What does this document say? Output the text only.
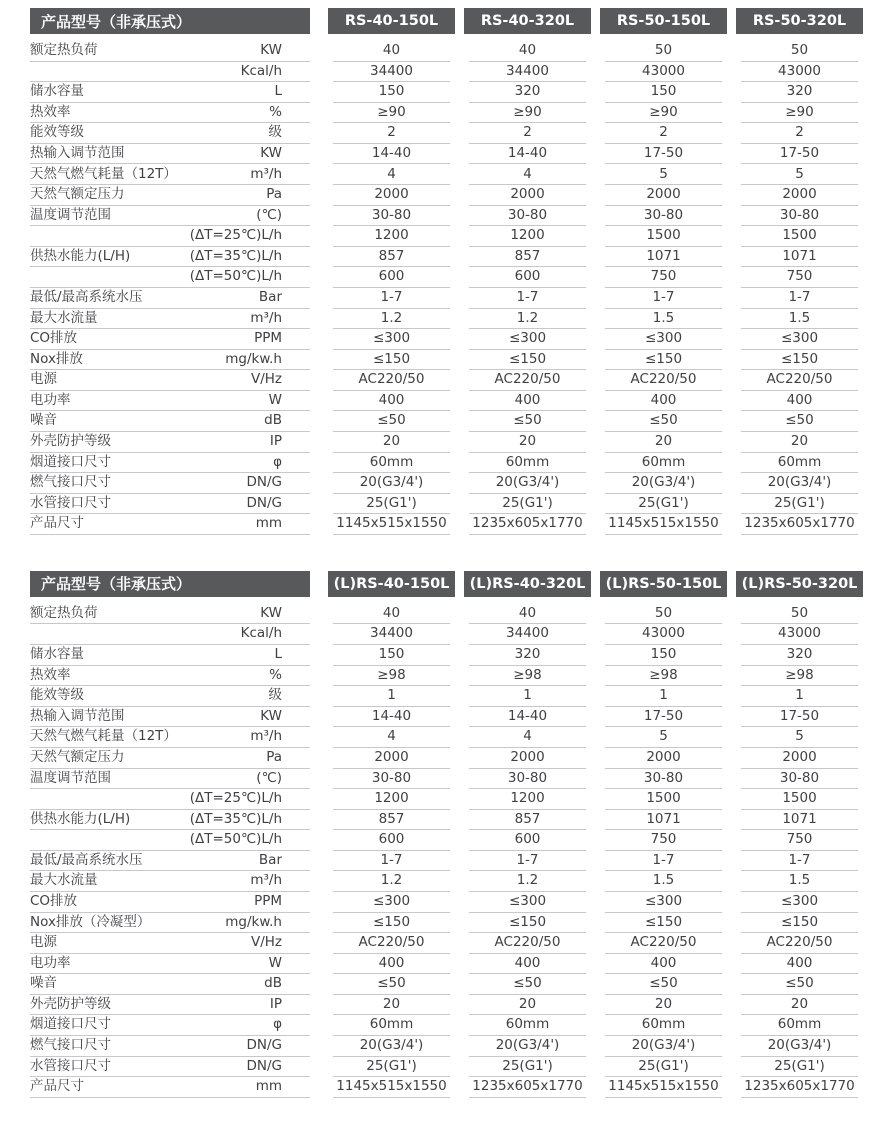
产品型号（非承压式）	RS-40-150L	RS-40-320L	RS-50-150L	RS-50-320L
额定热负荷	KW	40	40	50	50
Kcal/h	34400	34400	43000	43000
储水容量	L	150	320	150	320
热效率	%	≥90	≥90	≥90	≥90
能效等级	级	2	2	2	2
热输入调节范围	KW	14-40	14-40	17-50	17-50
天然气燃气耗量（12T）	m³/h	4	4	5	5
天然气额定压力	Pa	2000	2000	2000	2000
温度调节范围	(℃)	30-80	30-80	30-80	30-80
(ΔT=25℃)L/h	1200	1200	1500	1500
供热水能力(L/H)	(ΔT=35℃)L/h	857	857	1071	1071
(ΔT=50℃)L/h	600	600	750	750
最低/最高系统水压	Bar	1-7	1-7	1-7	1-7
最大水流量	m³/h	1.2	1.2	1.5	1.5
CO排放	PPM	≤300	≤300	≤300	≤300
Nox排放	mg/kw.h	≤150	≤150	≤150	≤150
电源	V/Hz	AC220/50	AC220/50	AC220/50	AC220/50
电功率	W	400	400	400	400
噪音	dB	≤50	≤50	≤50	≤50
外壳防护等级	IP	20	20	20	20
烟道接口尺寸	φ	60mm	60mm	60mm	60mm
燃气接口尺寸	DN/G	20(G3/4')	20(G3/4')	20(G3/4')	20(G3/4')
水管接口尺寸	DN/G	25(G1')	25(G1')	25(G1')	25(G1')
产品尺寸	mm	1145x515x1550 1235x605x1770 1145x515x1550 1235x605x1770
产品型号（非承压式）	(L)RS-40-150L	(L)RS-40-320L	(L)RS-50-150L	(L)RS-50-320L
额定热负荷	KW	40	40	50	50
Kcal/h	34400	34400	43000	43000
储水容量	L	150	320	150	320
热效率	%	≥98	≥98	≥98	≥98
能效等级	级	1	1	1	1
热输入调节范围	KW	14-40	14-40	17-50	17-50
天然气燃气耗量（12T）	m³/h	4	4	5	5
天然气额定压力	Pa	2000	2000	2000	2000
温度调节范围	(℃)	30-80	30-80	30-80	30-80
(ΔT=25℃)L/h	1200	1200	1500	1500
供热水能力(L/H)	(ΔT=35℃)L/h	857	857	1071	1071
(ΔT=50℃)L/h	600	600	750	750
最低/最高系统水压	Bar	1-7	1-7	1-7	1-7
最大水流量	m³/h	1.2	1.2	1.5	1.5
CO排放	PPM	≤300	≤300	≤300	≤300
Nox排放（冷凝型）	mg/kw.h	≤150	≤150	≤150	≤150
电源	V/Hz	AC220/50	AC220/50	AC220/50	AC220/50
电功率	W	400	400	400	400
噪音	dB	≤50	≤50	≤50	≤50
外壳防护等级	IP	20	20	20	20
烟道接口尺寸	φ	60mm	60mm	60mm	60mm
燃气接口尺寸	DN/G	20(G3/4')	20(G3/4')	20(G3/4')	20(G3/4')
水管接口尺寸	DN/G	25(G1')	25(G1')	25(G1')	25(G1')
产品尺寸	mm	1145x515x1550 1235x605x1770 1145x515x1550 1235x605x1770
